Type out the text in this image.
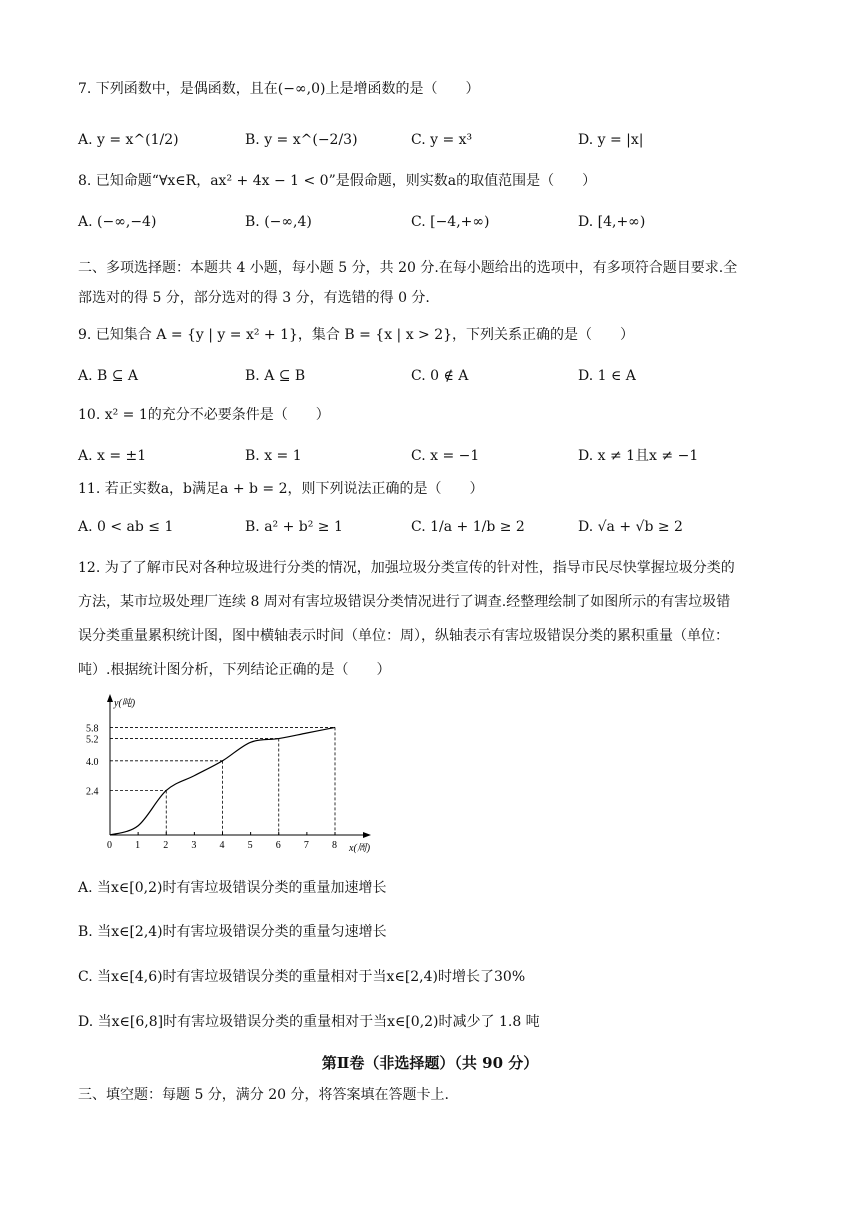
7. 下列函数中，是偶函数，且在(−∞,0)上是增函数的是（　　）
A. y = x^(1/2)	B. y = x^(−2/3)	C. y = x³	D. y = |x|
8. 已知命题“∀x∈R，ax² + 4x − 1 < 0”是假命题，则实数a的取值范围是（　　）
A. (−∞,−4)	B. (−∞,4)	C. [−4,+∞)	D. [4,+∞)
二、多项选择题：本题共 4 小题，每小题 5 分，共 20 分.在每小题给出的选项中，有多项符合题目要求.全
部选对的得 5 分，部分选对的得 3 分，有选错的得 0 分.
9. 已知集合 A = {y | y = x² + 1}，集合 B = {x | x > 2}，下列关系正确的是（　　）
A. B ⊆ A	B. A ⊆ B	C. 0 ∉ A	D. 1 ∈ A
10. x² = 1的充分不必要条件是（　　）
A. x = ±1	B. x = 1	C. x = −1	D. x ≠ 1且x ≠ −1
11. 若正实数a，b满足a + b = 2，则下列说法正确的是（　　）
A. 0 < ab ≤ 1	B. a² + b² ≥ 1	C. 1/a + 1/b ≥ 2	D. √a + √b ≥ 2
12. 为了了解市民对各种垃圾进行分类的情况，加强垃圾分类宣传的针对性，指导市民尽快掌握垃圾分类的
方法，某市垃圾处理厂连续 8 周对有害垃圾错误分类情况进行了调查.经整理绘制了如图所示的有害垃圾错
误分类重量累积统计图，图中横轴表示时间（单位：周），纵轴表示有害垃圾错误分类的累积重量（单位：
吨）.根据统计图分析，下列结论正确的是（　　）
y(吨)
x(周)
0 1 2 3 4 5 6 7 8
2.4
4.0
5.2
5.8
A. 当x∈[0,2)时有害垃圾错误分类的重量加速增长
B. 当x∈[2,4)时有害垃圾错误分类的重量匀速增长
C. 当x∈[4,6)时有害垃圾错误分类的重量相对于当x∈[2,4)时增长了30%
D. 当x∈[6,8]时有害垃圾错误分类的重量相对于当x∈[0,2)时减少了 1.8 吨
第Ⅱ卷（非选择题）（共 90 分）
三、填空题：每题 5 分，满分 20 分，将答案填在答题卡上.
